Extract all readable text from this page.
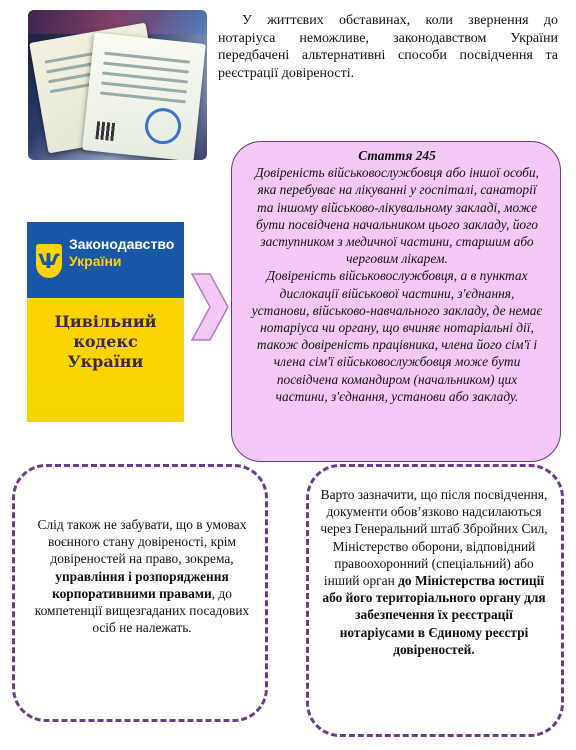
У життєвих обставинах, коли звернення до нотаріуса неможливе, законодавством України передбачені альтернативні способи посвідчення та реєстрації довіреності.

Ѱ
Законодавство
України
Цивільний
кодекс
України

Стаття 245
Довіреність військовослужбовця або іншої особи, яка перебуває на лікуванні у госпіталі, санаторії та іншому військово-лікувальному закладі, може бути посвідчена начальником цього закладу, його заступником з медичної частини, старшим або черговим лікарем.
Довіреність військовослужбовця, а в пунктах дислокації військової частини, з'єднання, установи, військово-навчального закладу, де немає нотаріуса чи органу, що вчиняє нотаріальні дії, також довіреність працівника, члена його сім'ї і члена сім'ї військовослужбовця може бути посвідчена командиром (начальником) цих частини, з'єднання, установи або закладу.

Слід також не забувати, що в умовах воєнного стану довіреності, крім довіреностей на право, зокрема, управління і розпорядження корпоративними правами, до компетенції вищезгаданих посадових осіб не належать.

Варто зазначити, що після посвідчення, документи обов’язково надсилаються через Генеральний штаб Збройних Сил, Міністерство оборони, відповідний правоохоронний (спеціальний) або інший орган до Міністерства юстиції або його територіального органу для забезпечення їх реєстрації нотаріусами в Єдиному реєстрі довіреностей.
